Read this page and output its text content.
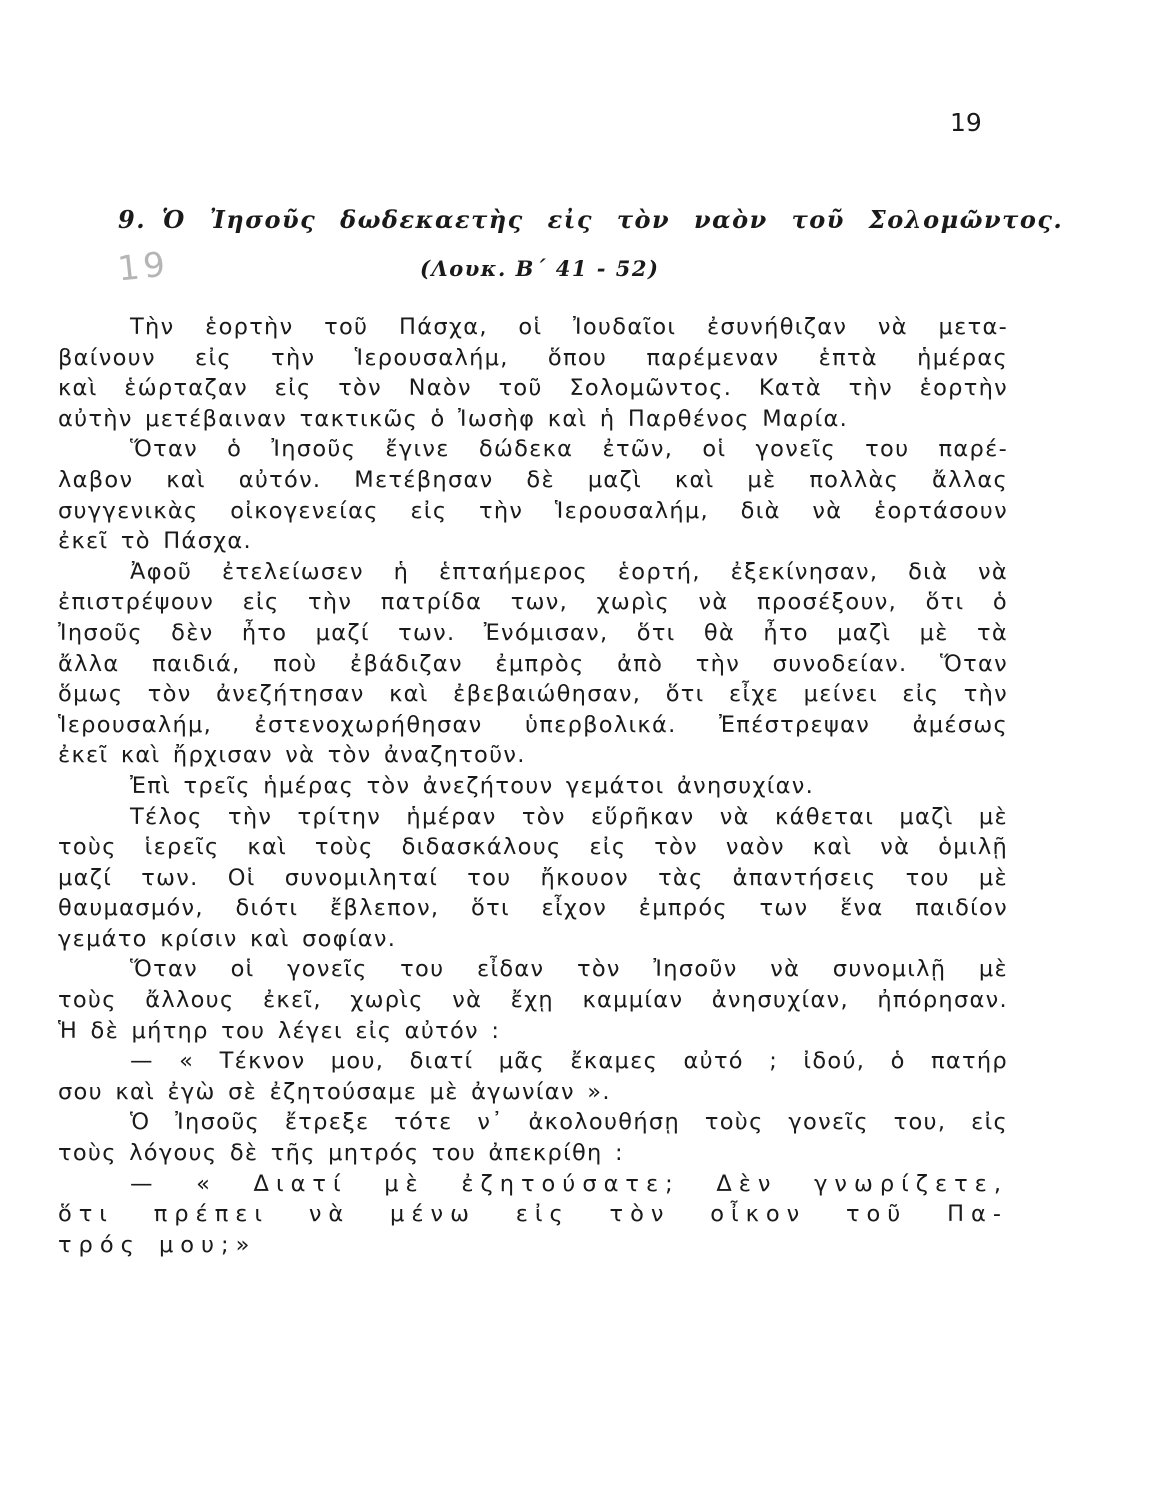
19
9. Ὁ Ἰησοῦς δωδεκαετὴς εἰς τὸν ναὸν τοῦ Σολομῶντος.
19	(Λουκ. Β΄ 41 - 52)
Τὴν ἑορτὴν τοῦ Πάσχα, οἱ Ἰουδαῖοι ἐσυνήθιζαν νὰ μετα-
βαίνουν εἰς τὴν Ἱερουσαλήμ, ὅπου παρέμεναν ἑπτὰ ἡμέρας
καὶ ἑώρταζαν εἰς τὸν Ναὸν τοῦ Σολομῶντος. Κατὰ τὴν ἑορτὴν
αὐτὴν μετέβαιναν τακτικῶς ὁ Ἰωσὴφ καὶ ἡ Παρθένος Μαρία.
Ὅταν ὁ Ἰησοῦς ἔγινε δώδεκα ἐτῶν, οἱ γονεῖς του παρέ-
λαβον καὶ αὐτόν. Μετέβησαν δὲ μαζὶ καὶ μὲ πολλὰς ἄλλας
συγγενικὰς οἰκογενείας εἰς τὴν Ἱερουσαλήμ, διὰ νὰ ἑορτάσουν
ἐκεῖ τὸ Πάσχα.
Ἀφοῦ ἐτελείωσεν ἡ ἑπταήμερος ἑορτή, ἐξεκίνησαν, διὰ νὰ
ἐπιστρέψουν εἰς τὴν πατρίδα των, χωρὶς νὰ προσέξουν, ὅτι ὁ
Ἰησοῦς δὲν ἦτο μαζί των. Ἐνόμισαν, ὅτι θὰ ἦτο μαζὶ μὲ τὰ
ἄλλα παιδιά, ποὺ ἐβάδιζαν ἐμπρὸς ἀπὸ τὴν συνοδείαν. Ὅταν
ὅμως τὸν ἀνεζήτησαν καὶ ἐβεβαιώθησαν, ὅτι εἶχε μείνει εἰς τὴν
Ἱερουσαλήμ, ἐστενοχωρήθησαν ὑπερβολικά. Ἐπέστρεψαν ἀμέσως
ἐκεῖ καὶ ἤρχισαν νὰ τὸν ἀναζητοῦν.
Ἐπὶ τρεῖς ἡμέρας τὸν ἀνεζήτουν γεμάτοι ἀνησυχίαν.
Τέλος τὴν τρίτην ἡμέραν τὸν εὕρῆκαν νὰ κάθεται μαζὶ μὲ
τοὺς ἱερεῖς καὶ τοὺς διδασκάλους εἰς τὸν ναὸν καὶ νὰ ὁμιλῇ
μαζί των. Οἱ συνομιληταί του ἤκουον τὰς ἀπαντήσεις του μὲ
θαυμασμόν, διότι ἔβλεπον, ὅτι εἶχον ἐμπρός των ἕνα παιδίον
γεμάτο κρίσιν καὶ σοφίαν.
Ὅταν οἱ γονεῖς του εἶδαν τὸν Ἰησοῦν νὰ συνομιλῇ μὲ
τοὺς ἄλλους ἐκεῖ, χωρὶς νὰ ἔχῃ καμμίαν ἀνησυχίαν, ἠπόρησαν.
Ἡ δὲ μήτηρ του λέγει εἰς αὐτόν :
— « Τέκνον μου, διατί μᾶς ἔκαμες αὐτό ; ἰδού, ὁ πατήρ
σου καὶ ἐγὼ σὲ ἐζητούσαμε μὲ ἀγωνίαν ».
Ὁ Ἰησοῦς ἔτρεξε τότε ν᾽ ἀκολουθήσῃ τοὺς γονεῖς του, εἰς
τοὺς λόγους δὲ τῆς μητρός του ἀπεκρίθη :
— « Διατί μὲ ἐζητούσατε; Δὲν γνωρίζετε,
ὅτι πρέπει νὰ μένω εἰς τὸν οἶκον τοῦ Πα-
τρός μου;»
